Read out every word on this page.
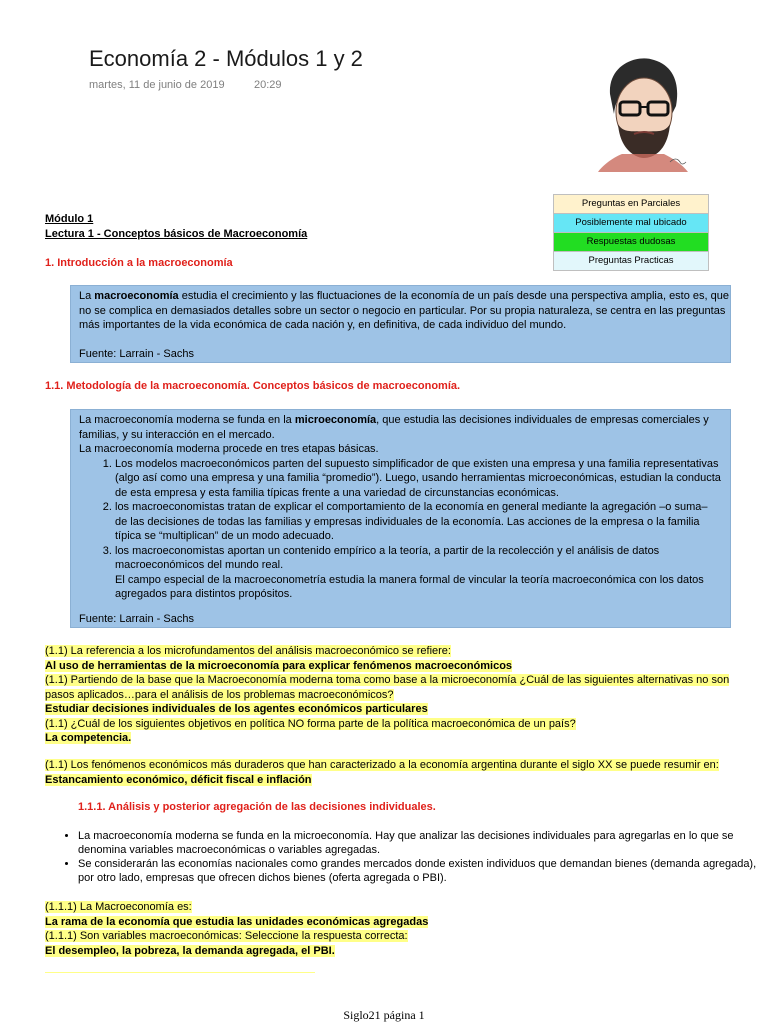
Economía 2 - Módulos 1 y 2
martes, 11 de junio de 2019	20:29
Preguntas en Parciales
Posiblemente mal ubicado
Respuestas dudosas
Preguntas Practicas
Módulo 1
Lectura 1 - Conceptos básicos de Macroeconomía
1. Introducción a la macroeconomía

La macroeconomía estudia el crecimiento y las fluctuaciones de la economía de un país desde una perspectiva amplia, esto es, que no se complica en demasiados detalles sobre un sector o negocio en particular. Por su propia naturaleza, se centra en las preguntas más importantes de la vida económica de cada nación y, en definitiva, de cada individuo del mundo.

Fuente: Larrain - Sachs

1.1. Metodología de la macroeconomía. Conceptos básicos de macroeconomía.

La macroeconomía moderna se funda en la microeconomía, que estudia las decisiones individuales de empresas comerciales y familias, y su interacción en el mercado.

La macroeconomía moderna procede en tres etapas básicas.

1. Los modelos macroeconómicos parten del supuesto simplificador de que existen una empresa y una familia representativas (algo así como una empresa y una familia “promedio”). Luego, usando herramientas microeconómicas, estudian la conducta de esta empresa y esta familia típicas frente a una variedad de circunstancias económicas.
2. los macroeconomistas tratan de explicar el comportamiento de la economía en general mediante la agregación –o suma– de las decisiones de todas las familias y empresas individuales de la economía. Las acciones de la empresa o la familia típica se “multiplican” de un modo adecuado.
3. los macroeconomistas aportan un contenido empírico a la teoría, a partir de la recolección y el análisis de datos macroeconómicos del mundo real.
El campo especial de la macroeconometría estudia la manera formal de vincular la teoría macroeconómica con los datos agregados para distintos propósitos.

Fuente: Larrain - Sachs

(1.1) La referencia a los microfundamentos del análisis macroeconómico se refiere:
Al uso de herramientas de la microeconomía para explicar fenómenos macroeconómicos
(1.1) Partiendo de la base que la Macroeconomía moderna toma como base a la microeconomía ¿Cuál de las siguientes alternativas no son pasos aplicados…para el análisis de los problemas macroeconómicos?
Estudiar decisiones individuales de los agentes económicos particulares
(1.1) ¿Cuál de los siguientes objetivos en política NO forma parte de la política macroeconómica de un país?
La competencia.
(1.1) Los fenómenos económicos más duraderos que han caracterizado a la economía argentina durante el siglo XX se puede resumir en:
Estancamiento económico, déficit fiscal e inflación
1.1.1. Análisis y posterior agregación de las decisiones individuales.
• La macroeconomía moderna se funda en la microeconomía. Hay que analizar las decisiones individuales para agregarlas en lo que se denomina variables macroeconómicas o variables agregadas.
• Se considerarán las economías nacionales como grandes mercados donde existen individuos que demandan bienes (demanda agregada), por otro lado, empresas que ofrecen dichos bienes (oferta agregada o PBI).
(1.1.1) La Macroeconomía es:
La rama de la economía que estudia las unidades económicas agregadas
(1.1.1) Son variables macroeconómicas: Seleccione la respuesta correcta:
El desempleo, la pobreza, la demanda agregada, el PBI.
Siglo21 página 1
